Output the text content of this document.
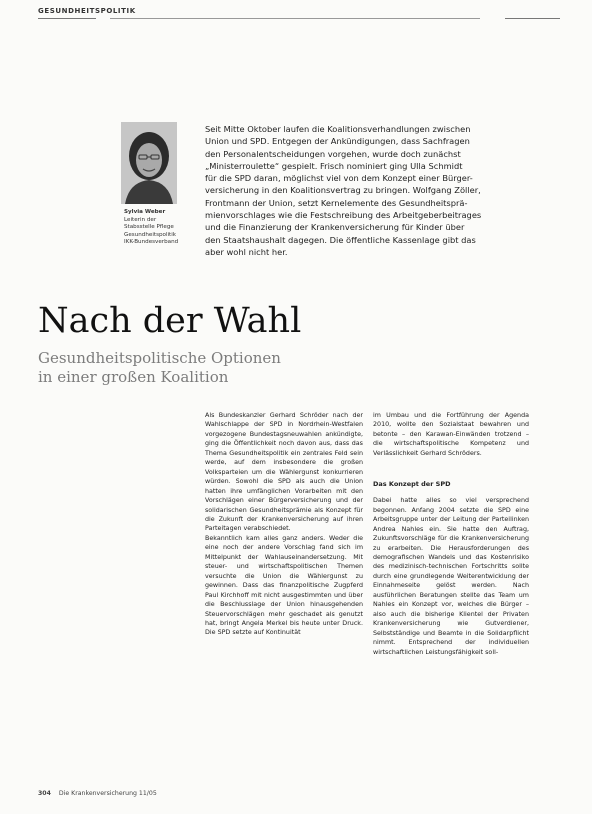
GESUNDHEITSPOLITIK
Sylvia Weber
Leiterin der
Stabsstelle Pflege
Gesundheitspolitik
IKK-Bundesverband

Seit Mitte Oktober laufen die Koalitionsverhandlungen zwischen

Union und SPD. Entgegen der Ankündigungen, dass Sachfragen

den Personalentscheidungen vorgehen, wurde doch zunächst

„Ministerroulette“ gespielt. Frisch nominiert ging Ulla Schmidt

für die SPD daran, möglichst viel von dem Konzept einer Bürger-

versicherung in den Koalitionsvertrag zu bringen. Wolfgang Zöller,

Frontmann der Union, setzt Kernelemente des Gesundheitsprä-

mienvorschlages wie die Festschreibung des Arbeitgeberbeitrages

und die Finanzierung der Krankenversicherung für Kinder über

den Staatshaushalt dagegen. Die öffentliche Kassenlage gibt das

aber wohl nicht her.

Nach der Wahl
Gesundheitspolitische Optionen
in einer großen Koalition

Als Bundeskanzler Gerhard Schröder nach der Wahlschlappe der SPD in Nordrhein-Westfalen vorgezogene Bundestagsneuwahlen ankündigte, ging die Öffentlichkeit noch davon aus, dass das Thema Gesundheitspolitik ein zentrales Feld sein werde, auf dem insbesondere die großen Volksparteien um die Wählergunst konkurrieren würden. Sowohl die SPD als auch die Union hatten ihre umfänglichen Vorarbeiten mit den Vorschlägen einer Bürgerversicherung und der solidarischen Gesundheitsprämie als Konzept für die Zukunft der Krankenversicherung auf ihren Parteitagen verabschiedet.

Bekanntlich kam alles ganz anders. Weder die eine noch der andere Vorschlag fand sich im Mittelpunkt der Wahlauseinandersetzung. Mit steuer- und wirtschaftspolitischen Themen versuchte die Union die Wählergunst zu gewinnen. Dass das finanzpolitische Zugpferd Paul Kirchhoff mit nicht ausgestimmten und über die Beschlusslage der Union hinausgehenden Steuervorschlägen mehr geschadet als genutzt hat, bringt Angela Merkel bis heute unter Druck. Die SPD setzte auf Kontinuität

im Umbau und die Fortführung der Agenda 2010, wollte den Sozialstaat bewahren und betonte – den Karawan-Einwänden trotzend – die wirtschaftspolitische Kompetenz und Verlässlichkeit Gerhard Schröders.

Das Konzept der SPD

Dabei hatte alles so viel versprechend begonnen. Anfang 2004 setzte die SPD eine Arbeitsgruppe unter der Leitung der Parteilinken Andrea Nahles ein. Sie hatte den Auftrag, Zukunftsvorschläge für die Krankenversicherung zu erarbeiten. Die Herausforderungen des demografischen Wandels und das Kostenrisiko des medizinisch-technischen Fortschritts sollte durch eine grundlegende Weiterentwicklung der Einnahmeseite gelöst werden. Nach ausführlichen Beratungen stellte das Team um Nahles ein Konzept vor, welches die Bürger – also auch die bisherige Klientel der Privaten Krankenversicherung wie Gutverdiener, Selbstständige und Beamte in die Solidarpflicht nimmt. Entsprechend der individuellen wirtschaftlichen Leistungsfähigkeit soll-

304 Die Krankenversicherung 11/05
